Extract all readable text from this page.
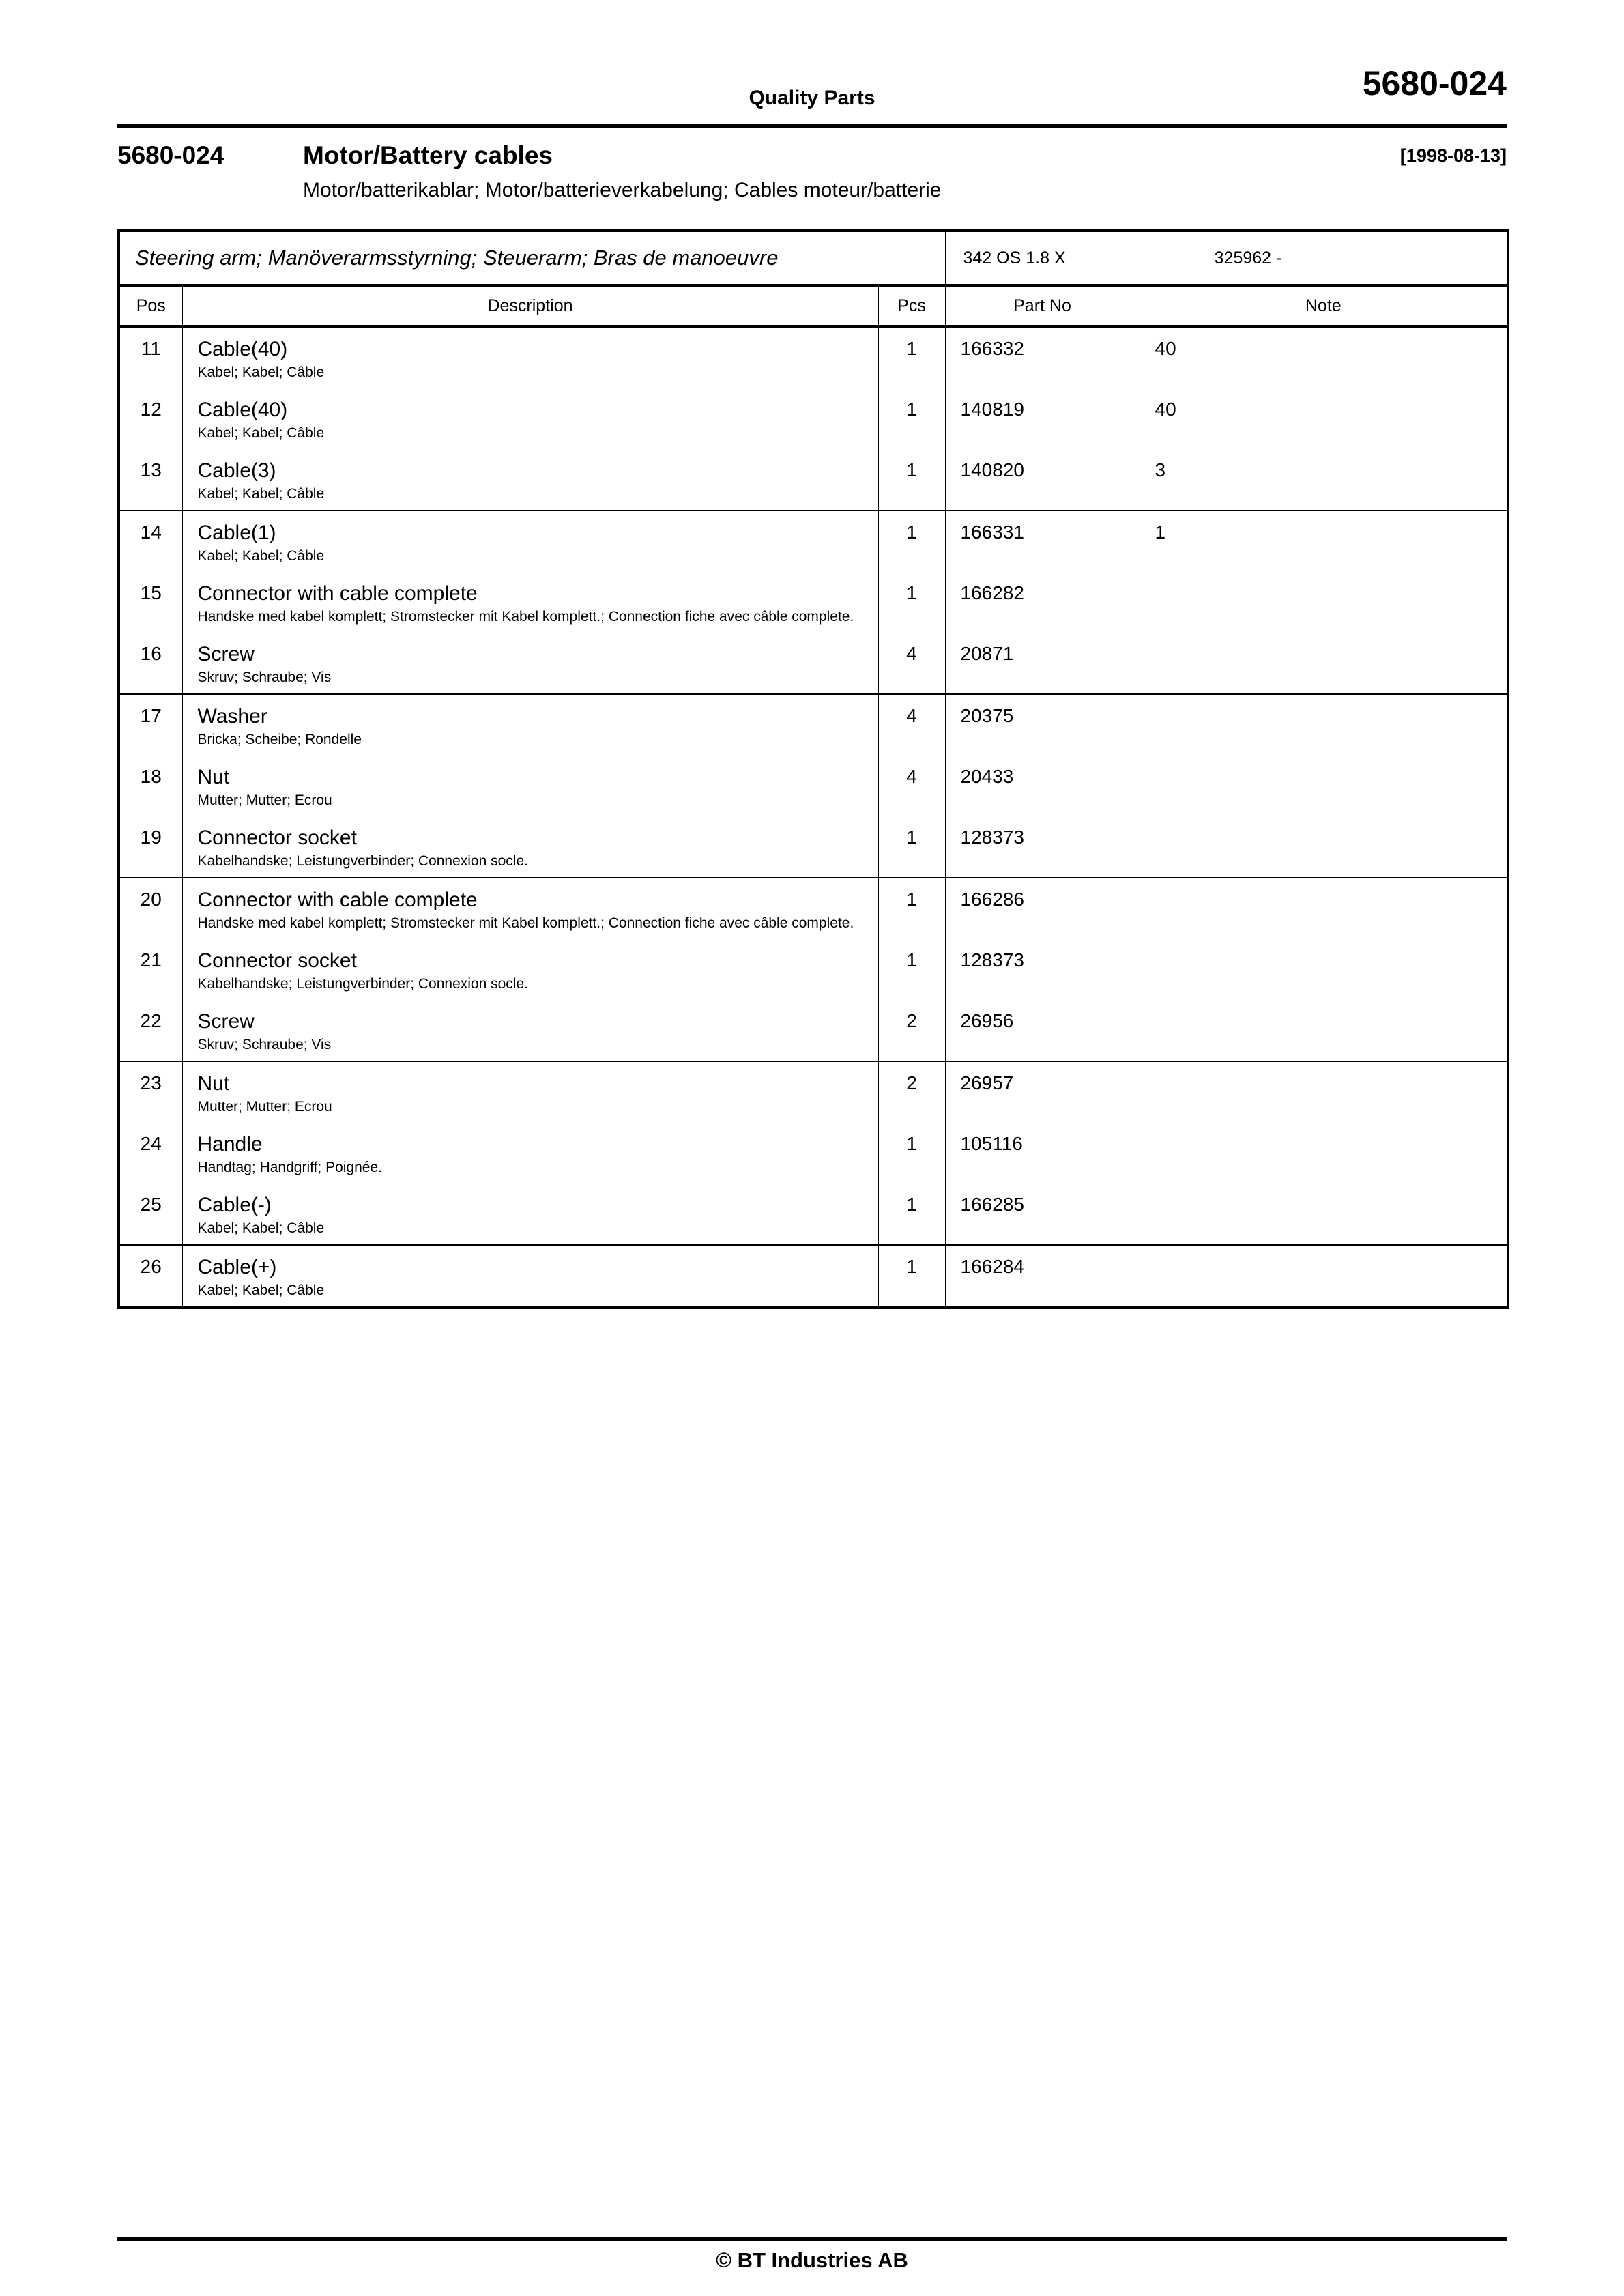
5680-024
Quality Parts
5680-024	Motor/Battery cables	[1998-08-13]
Motor/batterikablar; Motor/batterieverkabelung; Cables moteur/batterie
Steering arm; Manöverarmsstyrning; Steuerarm; Bras de manoeuvre			342 OS 1.8 X	325962 -

Pos	Description	Pcs	Part No	Note

11	Cable(40)
Kabel; Kabel; Câble	1	166332	40

12	Cable(40)
Kabel; Kabel; Câble	1	140819	40

13	Cable(3)
Kabel; Kabel; Câble	1	140820	3

14	Cable(1)
Kabel; Kabel; Câble	1	166331	1

15	Connector with cable complete
Handske med kabel komplett; Stromstecker mit Kabel komplett.; Connection fiche avec câble complete.	1	166282	

16	Screw
Skruv; Schraube; Vis	4	20871	

17	Washer
Bricka; Scheibe; Rondelle	4	20375	

18	Nut
Mutter; Mutter; Ecrou	4	20433	

19	Connector socket
Kabelhandske; Leistungverbinder; Connexion socle.	1	128373	

20	Connector with cable complete
Handske med kabel komplett; Stromstecker mit Kabel komplett.; Connection fiche avec câble complete.	1	166286	

21	Connector socket
Kabelhandske; Leistungverbinder; Connexion socle.	1	128373	

22	Screw
Skruv; Schraube; Vis	2	26956	

23	Nut
Mutter; Mutter; Ecrou	2	26957	

24	Handle
Handtag; Handgriff; Poignée.	1	105116	

25	Cable(-)
Kabel; Kabel; Câble	1	166285	

26	Cable(+)
Kabel; Kabel; Câble	1	166284	

© BT Industries AB
